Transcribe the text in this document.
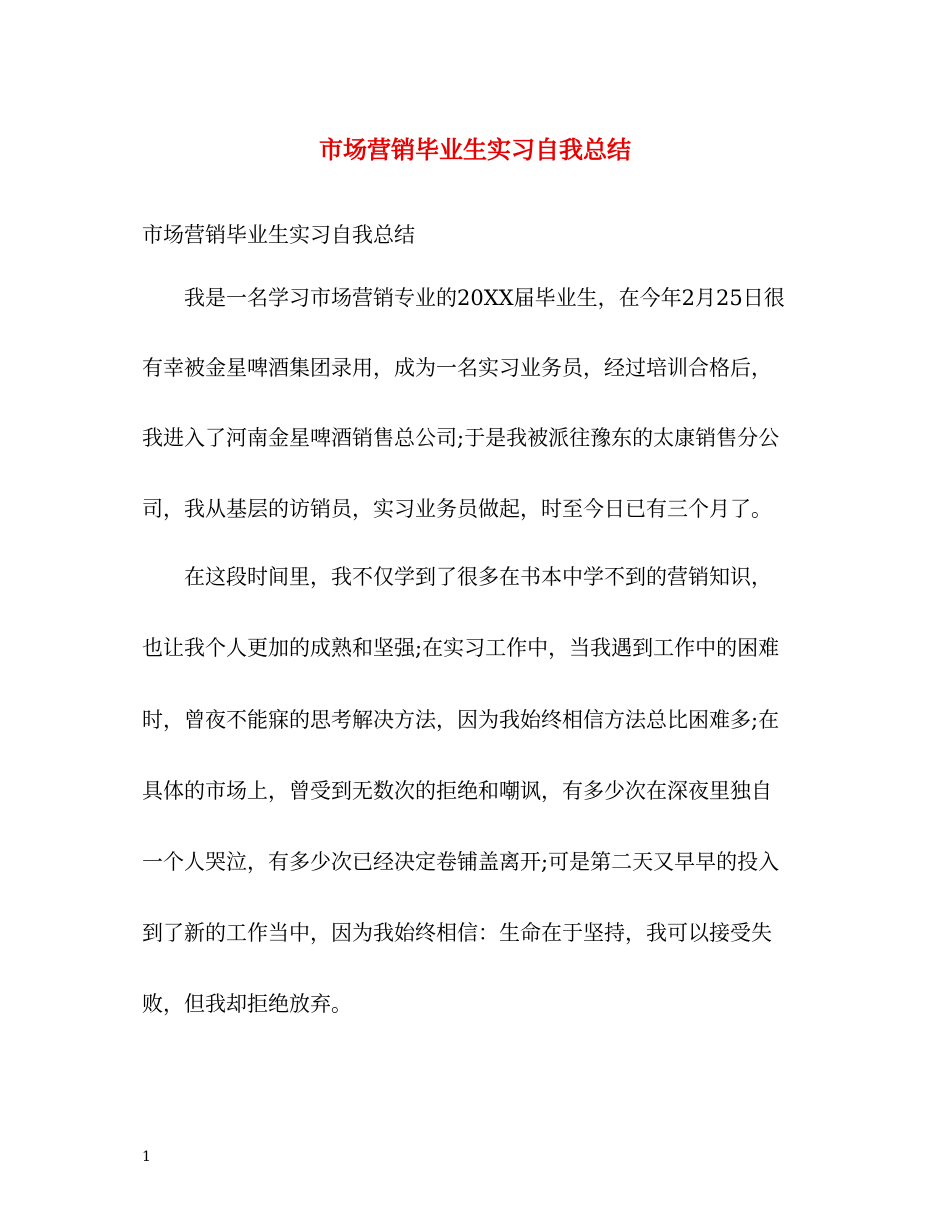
市场营销毕业生实习自我总结
市场营销毕业生实习自我总结
我是一名学习市场营销专业的20XX届毕业生，在今年2月25日很
有幸被金星啤酒集团录用，成为一名实习业务员，经过培训合格后，
我进入了河南金星啤酒销售总公司;于是我被派往豫东的太康销售分公
司，我从基层的访销员，实习业务员做起，时至今日已有三个月了。
在这段时间里，我不仅学到了很多在书本中学不到的营销知识，
也让我个人更加的成熟和坚强;在实习工作中，当我遇到工作中的困难
时，曾夜不能寐的思考解决方法，因为我始终相信方法总比困难多;在
具体的市场上，曾受到无数次的拒绝和嘲讽，有多少次在深夜里独自
一个人哭泣，有多少次已经决定卷铺盖离开;可是第二天又早早的投入
到了新的工作当中，因为我始终相信：生命在于坚持，我可以接受失
败，但我却拒绝放弃。
1
